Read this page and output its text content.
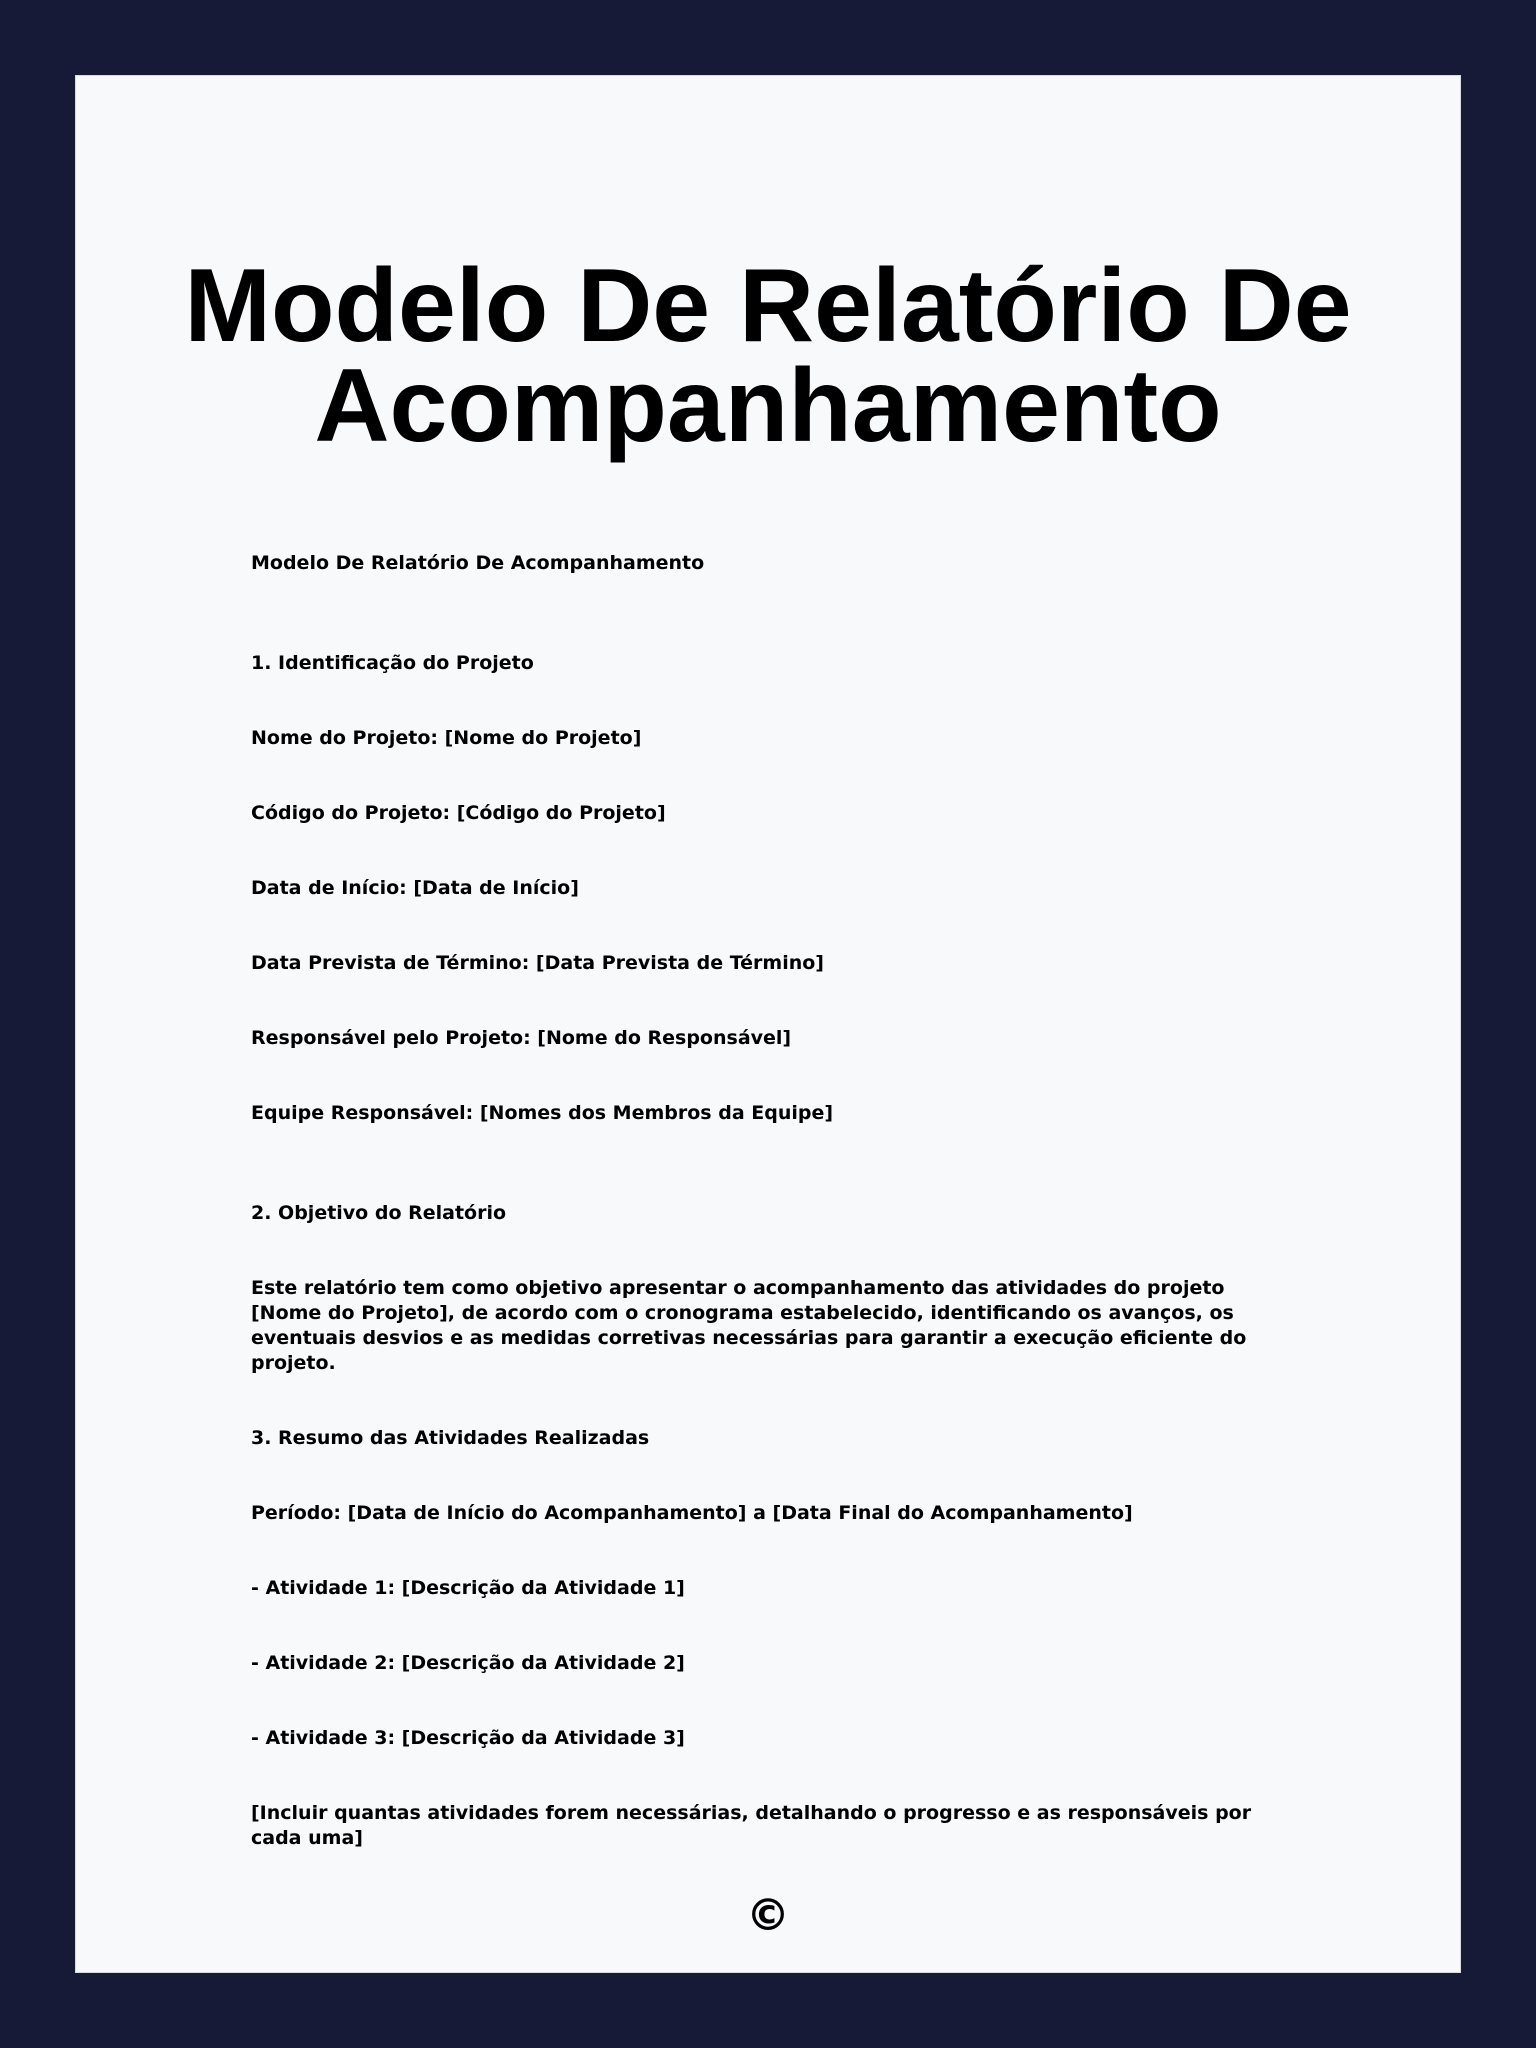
Modelo De Relatório De Acompanhamento

Modelo De Relatório De Acompanhamento

1. Identificação do Projeto

Nome do Projeto: [Nome do Projeto]

Código do Projeto: [Código do Projeto]

Data de Início: [Data de Início]

Data Prevista de Término: [Data Prevista de Término]

Responsável pelo Projeto: [Nome do Responsável]

Equipe Responsável: [Nomes dos Membros da Equipe]

2. Objetivo do Relatório

Este relatório tem como objetivo apresentar o acompanhamento das atividades do projeto [Nome do Projeto], de acordo com o cronograma estabelecido, identificando os avanços, os eventuais desvios e as medidas corretivas necessárias para garantir a execução eficiente do projeto.

3. Resumo das Atividades Realizadas

Período: [Data de Início do Acompanhamento] a [Data Final do Acompanhamento]

- Atividade 1: [Descrição da Atividade 1]

- Atividade 2: [Descrição da Atividade 2]

- Atividade 3: [Descrição da Atividade 3]

[Incluir quantas atividades forem necessárias, detalhando o progresso e as responsáveis por cada uma]

©
